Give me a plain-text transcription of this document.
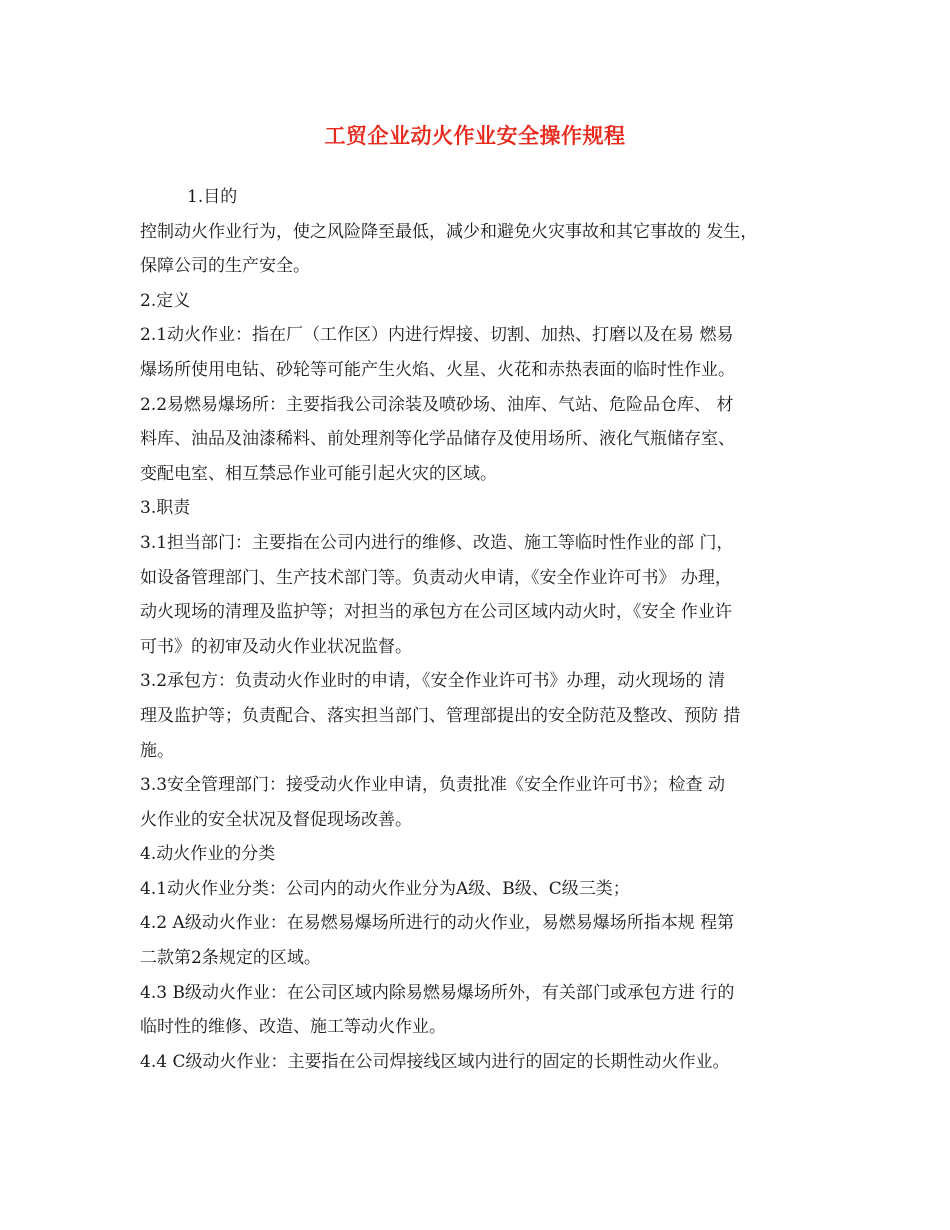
工贸企业动火作业安全操作规程
1.目的
控制动火作业行为，使之风险降至最低，减少和避免火灾事故和其它事故的 发生，
保障公司的生产安全。
2.定义
2.1动火作业：指在厂（工作区）内进行焊接、切割、加热、打磨以及在易 燃易
爆场所使用电钻、砂轮等可能产生火焰、火星、火花和赤热表面的临时性作业。
2.2易燃易爆场所：主要指我公司涂装及喷砂场、油库、气站、危险品仓库、 材
料库、油品及油漆稀料、前处理剂等化学品储存及使用场所、液化气瓶储存室、
变配电室、相互禁忌作业可能引起火灾的区域。
3.职责
3.1担当部门：主要指在公司内进行的维修、改造、施工等临时性作业的部 门，
如设备管理部门、生产技术部门等。负责动火申请，《安全作业许可书》 办理，
动火现场的清理及监护等；对担当的承包方在公司区域内动火时，《安全 作业许
可书》的初审及动火作业状况监督。
3.2承包方：负责动火作业时的申请，《安全作业许可书》办理，动火现场的 清
理及监护等；负责配合、落实担当部门、管理部提出的安全防范及整改、预防 措
施。
3.3安全管理部门：接受动火作业申请，负责批准《安全作业许可书》；检查 动
火作业的安全状况及督促现场改善。
4.动火作业的分类
4.1动火作业分类：公司内的动火作业分为A级、B级、C级三类；
4.2 A级动火作业：在易燃易爆场所进行的动火作业，易燃易爆场所指本规 程第
二款第2条规定的区域。
4.3 B级动火作业：在公司区域内除易燃易爆场所外，有关部门或承包方进 行的
临时性的维修、改造、施工等动火作业。
4.4 C级动火作业：主要指在公司焊接线区域内进行的固定的长期性动火作业。
